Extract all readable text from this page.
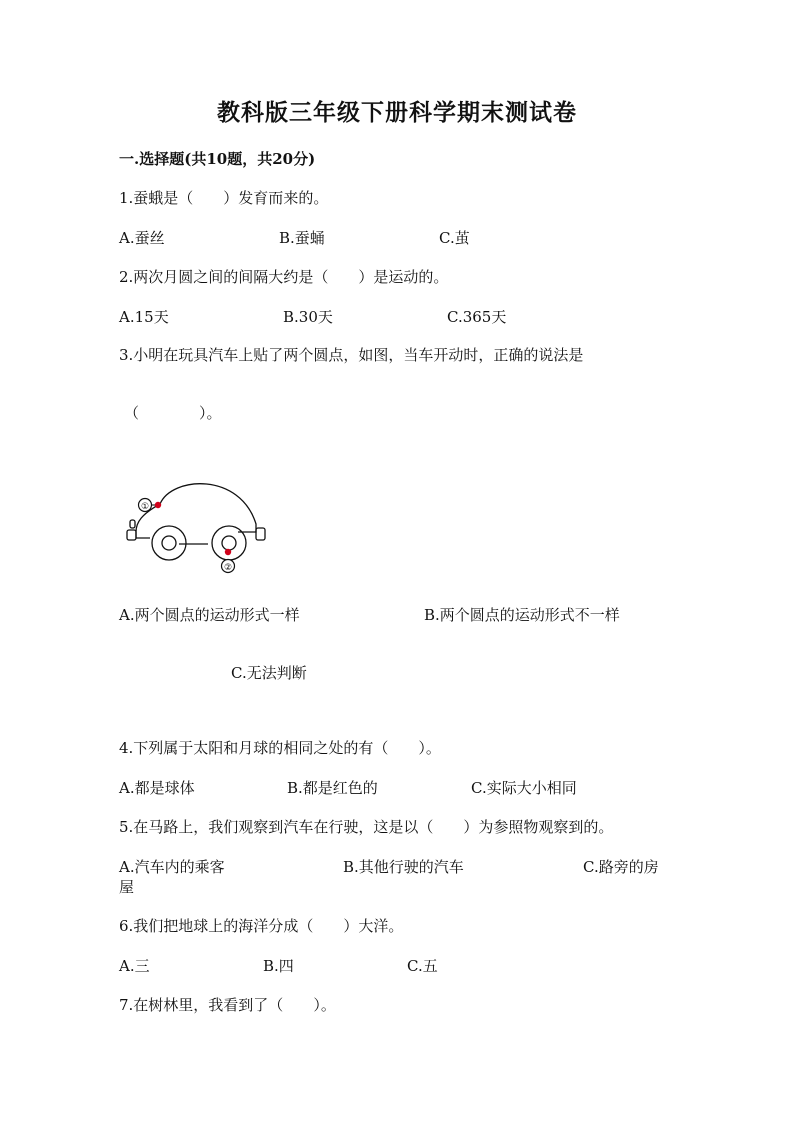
教科版三年级下册科学期末测试卷
一.选择题(共10题，共20分)
1.蚕蛾是（　　）发育而来的。
A.蚕丝	B.蚕蛹	C.茧
2.两次月圆之间的间隔大约是（　　）是运动的。
A.15天	B.30天	C.365天
3.小明在玩具汽车上贴了两个圆点，如图，当车开动时，正确的说法是
（　　　　）。
①
②
A.两个圆点的运动形式一样	B.两个圆点的运动形式不一样
C.无法判断
4.下列属于太阳和月球的相同之处的有（　　）。
A.都是球体	B.都是红色的	C.实际大小相同
5.在马路上，我们观察到汽车在行驶，这是以（　　）为参照物观察到的。
A.汽车内的乘客	B.其他行驶的汽车	C.路旁的房
屋
6.我们把地球上的海洋分成（　　）大洋。
A.三	B.四	C.五
7.在树林里，我看到了（　　）。
